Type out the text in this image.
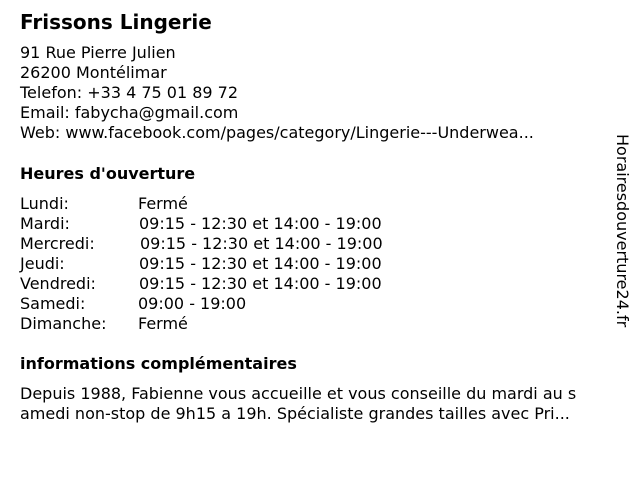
Frissons Lingerie
91 Rue Pierre Julien
26200 Montélimar
Telefon: +33 4 75 01 89 72
Email: fabycha@gmail.com
Web: www.facebook.com/pages/category/Lingerie---Underwea...
Heures d'ouverture
Lundi:	Fermé
Mardi:	09:15 - 12:30 et 14:00 - 19:00
Mercredi:	09:15 - 12:30 et 14:00 - 19:00
Jeudi:	09:15 - 12:30 et 14:00 - 19:00
Vendredi:	09:15 - 12:30 et 14:00 - 19:00
Samedi:	09:00 - 19:00
Dimanche: Fermé
informations complémentaires
Depuis 1988, Fabienne vous accueille et vous conseille du mardi au s
amedi non-stop de 9h15 a 19h. Spécialiste grandes tailles avec Pri...
Horairesdouverture24.fr
